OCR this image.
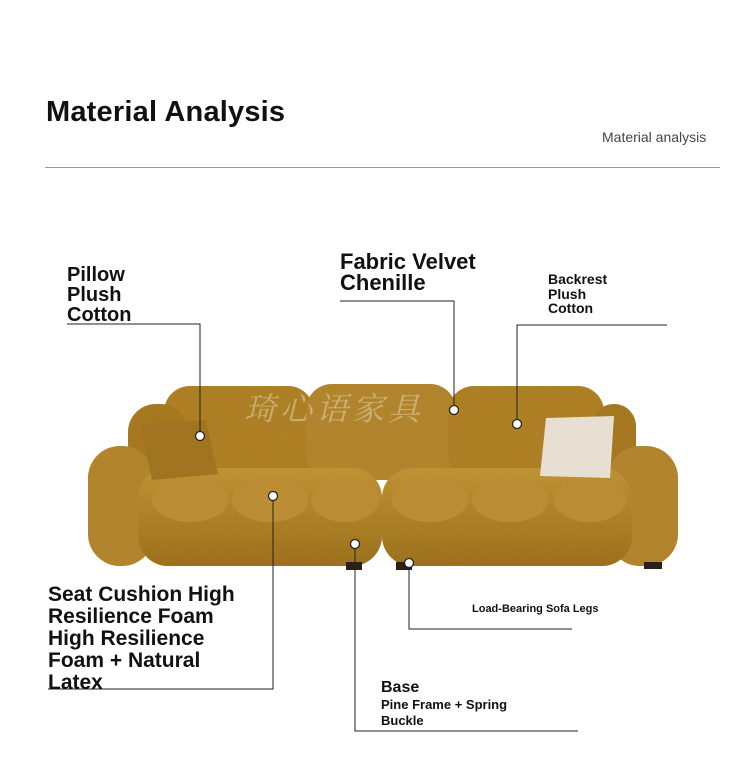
Material Analysis
Material analysis
琦心语家具
Pillow
Plush
Cotton
Fabric Velvet
Chenille	Backrest
Plush
Cotton
Seat Cushion High
Resilience Foam
High Resilience
Foam + Natural
Latex
Load-Bearing Sofa Legs
Base
Pine Frame + Spring
Buckle
